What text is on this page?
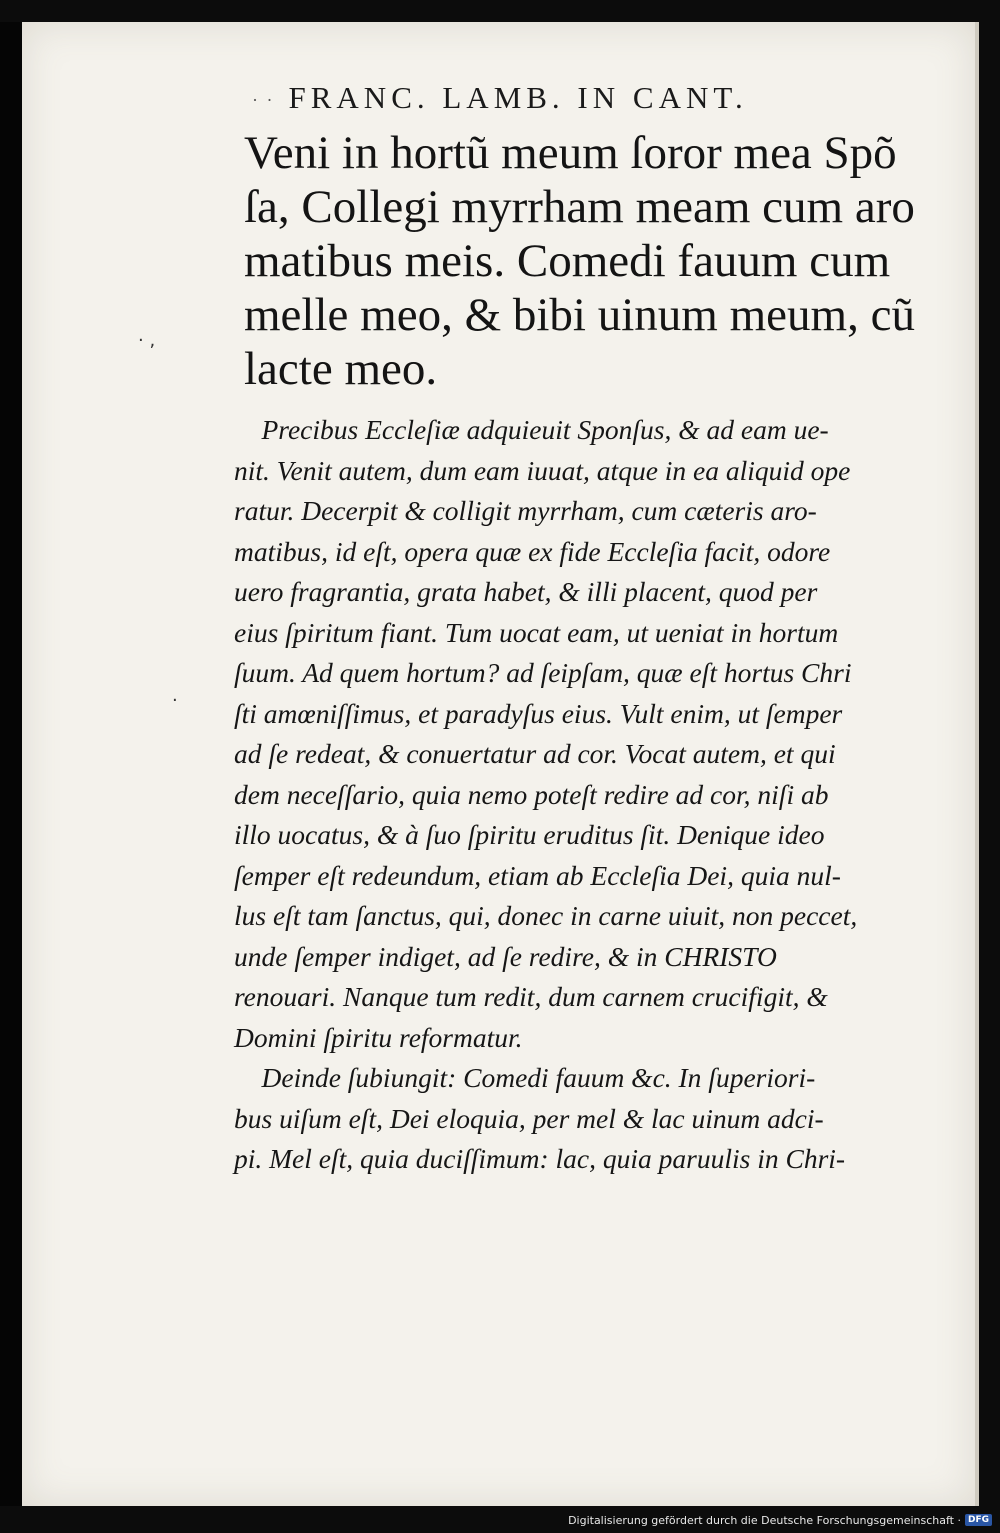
· · FRANC. LAMB. IN CANT.
Veni in hortũ meum ſoror mea Spõ
ſa, Collegi myrrham meam cum aro
matibus meis. Comedi fauum cum
melle meo, & bibi uinum meum, cũ
lacte meo.
· ,
·
Precibus Eccleſiæ adquieuit Sponſus, & ad eam ue-
nit. Venit autem, dum eam iuuat, atque in ea aliquid ope
ratur. Decerpit & colligit myrrham, cum cæteris aro-
matibus, id eſt, opera quæ ex fide Eccleſia facit, odore
uero fragrantia, grata habet, & illi placent, quod per
eius ſpiritum fiant. Tum uocat eam, ut ueniat in hortum
ſuum. Ad quem hortum? ad ſeipſam, quæ eſt hortus Chri
ſti amœniſſimus, et paradyſus eius. Vult enim, ut ſemper
ad ſe redeat, & conuertatur ad cor. Vocat autem, et qui
dem neceſſario, quia nemo poteſt redire ad cor, niſi ab
illo uocatus, & à ſuo ſpiritu eruditus ſit. Denique ideo
ſemper eſt redeundum, etiam ab Eccleſia Dei, quia nul-
lus eſt tam ſanctus, qui, donec in carne uiuit, non peccet,
unde ſemper indiget, ad ſe redire, & in CHRISTO
renouari. Nanque tum redit, dum carnem crucifigit, &
Domini ſpiritu reformatur.
Deinde ſubiungit: Comedi fauum &c. In ſuperiori-
bus uiſum eſt, Dei eloquia, per mel & lac uinum adci-
pi. Mel eſt, quia duciſſimum: lac, quia paruulis in Chri-
Digitalisierung gefördert durch die Deutsche Forschungsgemeinschaft · DFG
